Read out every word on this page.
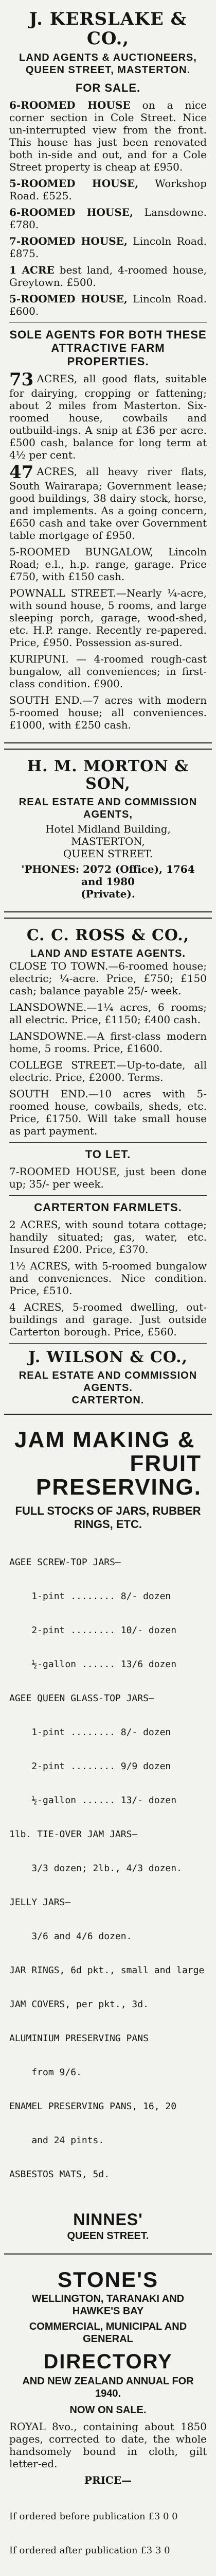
J. KERSLAKE & CO.,
LAND AGENTS & AUCTIONEERS,
QUEEN STREET, MASTERTON.
FOR SALE.
6-ROOMED HOUSE on a nice corner section in Cole Street. Nice un-interrupted view from the front. This house has just been renovated both in-side and out, and for a Cole Street property is cheap at £950.
5-ROOMED HOUSE, Workshop Road. £525.
6-ROOMED HOUSE, Lansdowne. £780.
7-ROOMED HOUSE, Lincoln Road. £875.
1 ACRE best land, 4-roomed house, Greytown. £500.
5-ROOMED HOUSE, Lincoln Road. £600.
SOLE AGENTS FOR BOTH THESE ATTRACTIVE FARM PROPERTIES.
73 ACRES, all good flats, suitable for dairying, cropping or fattening; about 2 miles from Masterton. Six-roomed house, cowbails and outbuild-ings. A snip at £36 per acre. £500 cash, balance for long term at 4½ per cent.
47 ACRES, all heavy river flats, South Wairarapa; Government lease; good buildings, 38 dairy stock, horse, and implements. As a going concern, £650 cash and take over Government table mortgage of £950.
5-ROOMED BUNGALOW, Lincoln Road; e.l., h.p. range, garage. Price £750, with £150 cash.
POWNALL STREET.—Nearly ¼-acre, with sound house, 5 rooms, and large sleeping porch, garage, wood-shed, etc. H.P. range. Recently re-papered. Price, £950. Possession as-sured.
KURIPUNI. — 4-roomed rough-cast bungalow, all conveniences; in first-class condition. £900.
SOUTH END.—7 acres with modern 5-roomed house; all conveniences. £1000, with £250 cash.
H. M. MORTON & SON,
REAL ESTATE AND COMMISSION
AGENTS,
Hotel Midland Building, MASTERTON,
QUEEN STREET.
'PHONES: 2072 (Office), 1764 and 1980
(Private).
C. C. ROSS & CO.,
LAND AND ESTATE AGENTS.
CLOSE TO TOWN.—6-roomed house; electric; ¼-acre. Price, £750; £150 cash; balance payable 25/- week.
LANSDOWNE.—1¼ acres, 6 rooms; all electric. Price, £1150; £400 cash.
LANSDOWNE.—A first-class modern home, 5 rooms. Price, £1600.
COLLEGE STREET.—Up-to-date, all electric. Price, £2000. Terms.
SOUTH END.—10 acres with 5-roomed house, cowbails, sheds, etc. Price, £1750. Will take small house as part payment.
TO LET.
7-ROOMED HOUSE, just been done up; 35/- per week.
CARTERTON FARMLETS.
2 ACRES, with sound totara cottage; handily situated; gas, water, etc. Insured £200. Price, £370.
1½ ACRES, with 5-roomed bungalow and conveniences. Nice condition. Price, £510.
4 ACRES, 5-roomed dwelling, out-buildings and garage. Just outside Carterton borough. Price, £560.
J. WILSON & CO.,
REAL ESTATE AND COMMISSION
AGENTS.
CARTERTON.
JAM MAKING &
FRUIT PRESERVING.
FULL STOCKS OF JARS, RUBBER RINGS, ETC.

AGEE SCREW-TOP JARS—

1-pint ........ 8/- dozen

2-pint ........ 10/- dozen

½-gallon ...... 13/6 dozen

AGEE QUEEN GLASS-TOP JARS—

1-pint ........ 8/- dozen

2-pint ........ 9/9 dozen

½-gallon ...... 13/- dozen

1lb. TIE-OVER JAM JARS—

3/3 dozen; 2lb., 4/3 dozen.

JELLY JARS—

3/6 and 4/6 dozen.

JAR RINGS, 6d pkt., small and large

JAM COVERS, per pkt., 3d.

ALUMINIUM PRESERVING PANS

from 9/6.

ENAMEL PRESERVING PANS, 16, 20

and 24 pints.

ASBESTOS MATS, 5d.

NINNES'
QUEEN STREET.
STONE'S
WELLINGTON, TARANAKI AND
HAWKE'S BAY
COMMERCIAL, MUNICIPAL AND
GENERAL
DIRECTORY
AND NEW ZEALAND ANNUAL FOR 1940.
NOW ON SALE.
ROYAL 8vo., containing about 1850 pages, corrected to date, the whole handsomely bound in cloth, gilt letter-ed.
PRICE—

If ordered before publication £3 0 0

If ordered after publication £3 3 0
